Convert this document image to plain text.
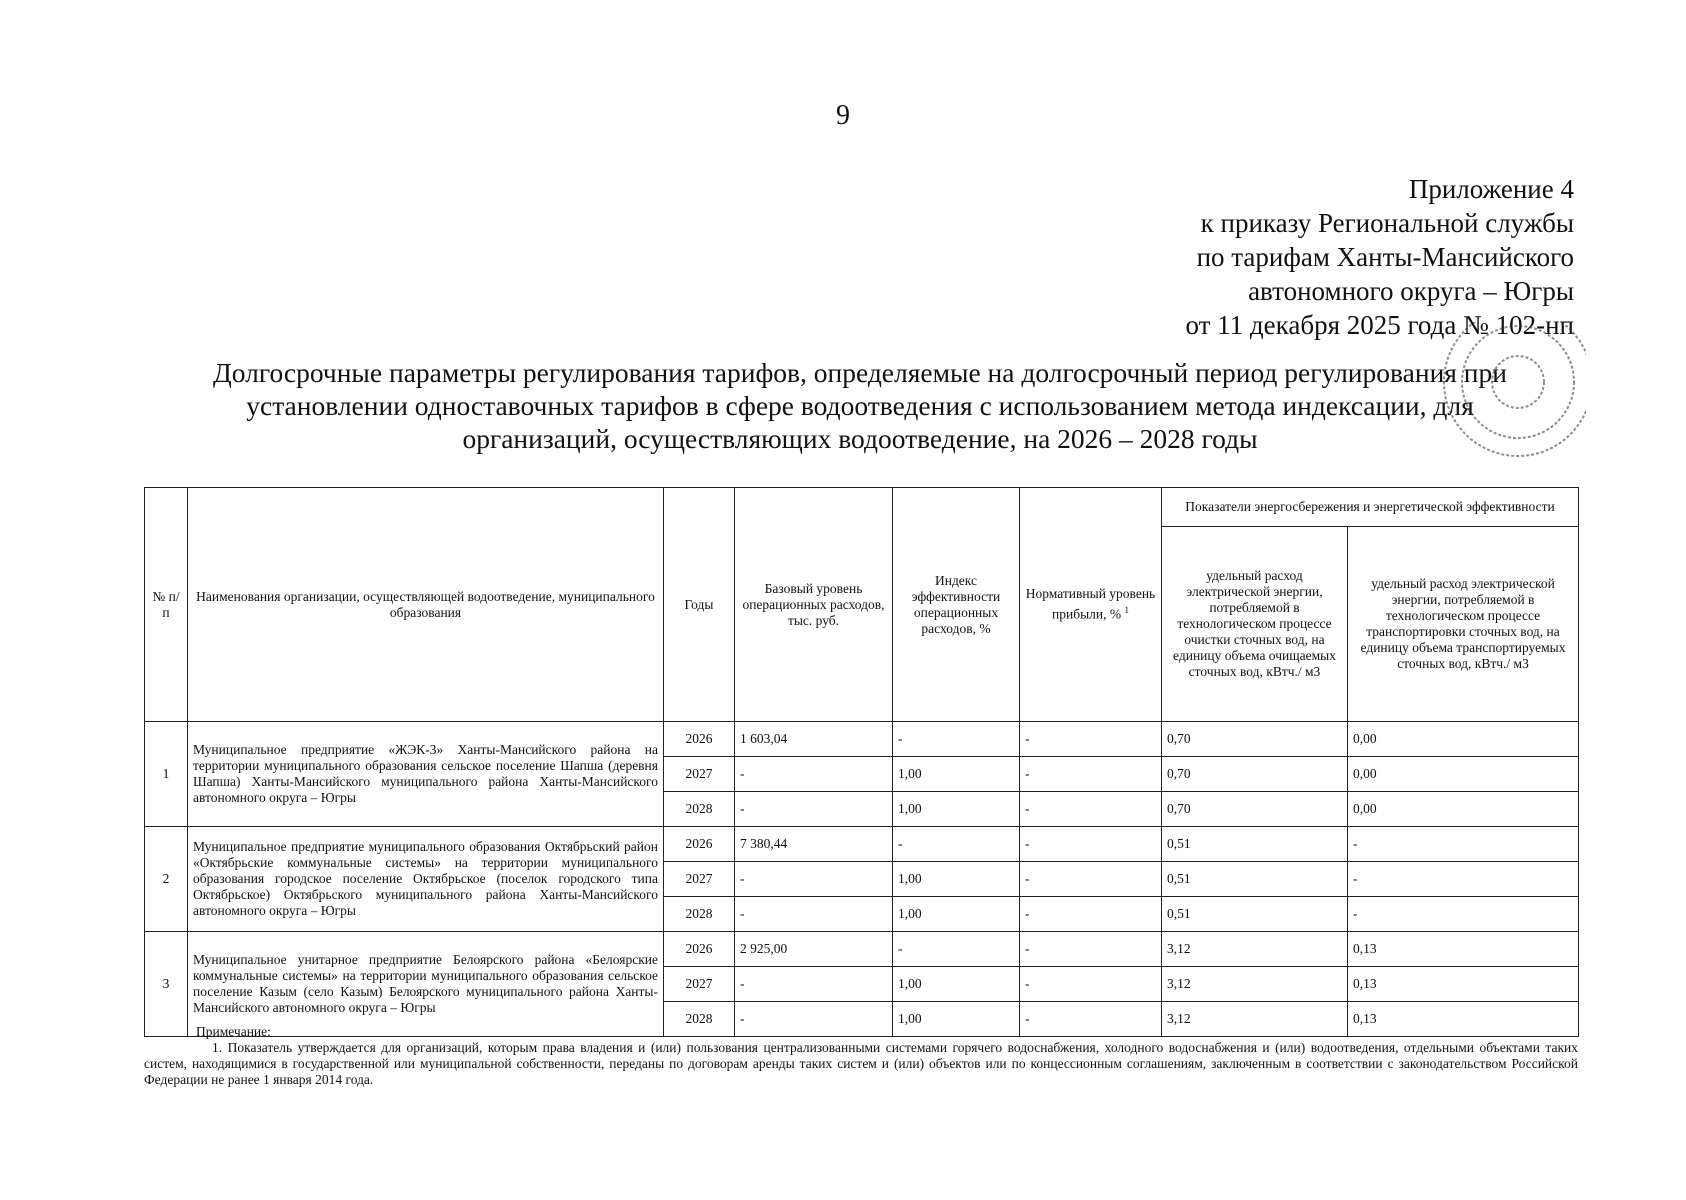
9
Приложение 4
к приказу Региональной службы
по тарифам Ханты-Мансийского
автономного округа – Югры
от 11 декабря 2025 года № 102-нп
Долгосрочные параметры регулирования тарифов, определяемые на долгосрочный период регулирования при
установлении одноставочных тарифов в сфере водоотведения с использованием метода индексации, для
организаций, осуществляющих водоотведение, на 2026 – 2028 годы
№ п/п	Наименования организации, осуществляющей водоотведение, муниципального образования	Годы	Базовый уровень операционных расходов, тыс. руб.	Индекс эффективности операционных расходов, %	Нормативный уровень прибыли, % $^1$	Показатели энергосбережения и энергетической эффективности	
						удельный расход электрической энергии, потребляемой в технологическом процессе очистки сточных вод, на единицу объема очищаемых сточных вод, кВтч./ м3	удельный расход электрической энергии, потребляемой в технологическом процессе транспортировки сточных вод, на единицу объема транспортируемых сточных вод, кВтч./ м3
1	Муниципальное предприятие «ЖЭК-3» Ханты-Мансийского района на территории муниципального образования сельское поселение Шапша (деревня Шапша) Ханты-Мансийского муниципального района Ханты-Мансийского автономного округа – Югры	2026	1 603,04	-	-	0,70	0,00
		2027	-	1,00	-	0,70	0,00
		2028	-	1,00	-	0,70	0,00
2	Муниципальное предприятие муниципального образования Октябрьский район «Октябрьские коммунальные системы» на территории муниципального образования городское поселение Октябрьское (поселок городского типа Октябрьское) Октябрьского муниципального района Ханты-Мансийского автономного округа – Югры	2026	7 380,44	-	-	0,51	-
		2027	-	1,00	-	0,51	-
		2028	-	1,00	-	0,51	-
3	Муниципальное унитарное предприятие Белоярского района «Белоярские коммунальные системы» на территории муниципального образования сельское поселение Казым (село Казым) Белоярского муниципального района Ханты-Мансийского автономного округа – Югры	2026	2 925,00	-	-	3,12	0,13
		2027	-	1,00	-	3,12	0,13
		2028	-	1,00	-	3,12	0,13
Примечание:
1. Показатель утверждается для организаций, которым права владения и (или) пользования централизованными системами горячего водоснабжения, холодного водоснабжения и (или) водоотведения, отдельными объектами таких систем, находящимися в государственной или муниципальной собственности, переданы по договорам аренды таких систем и (или) объектов или по концессионным соглашениям, заключенным в соответствии с законодательством Российской Федерации не ранее 1 января 2014 года.
